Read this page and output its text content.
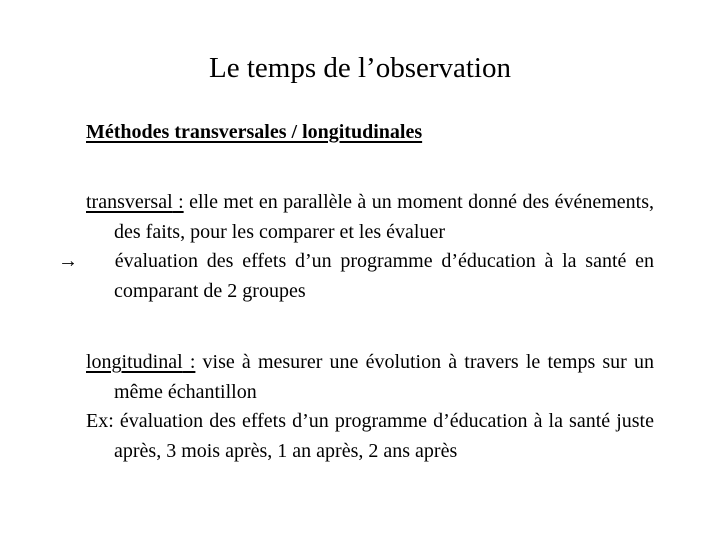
Le temps de l’observation
Méthodes transversales / longitudinales

transversal : elle met en parallèle à un moment donné des événements, des faits, pour les comparer et les évaluer

→ évaluation des effets d’un programme d’éducation à la santé en comparant de 2 groupes

longitudinal : vise à mesurer une évolution à travers le temps sur un même échantillon

Ex: évaluation des effets d’un programme d’éducation à la santé juste après, 3 mois après, 1 an après, 2 ans après
